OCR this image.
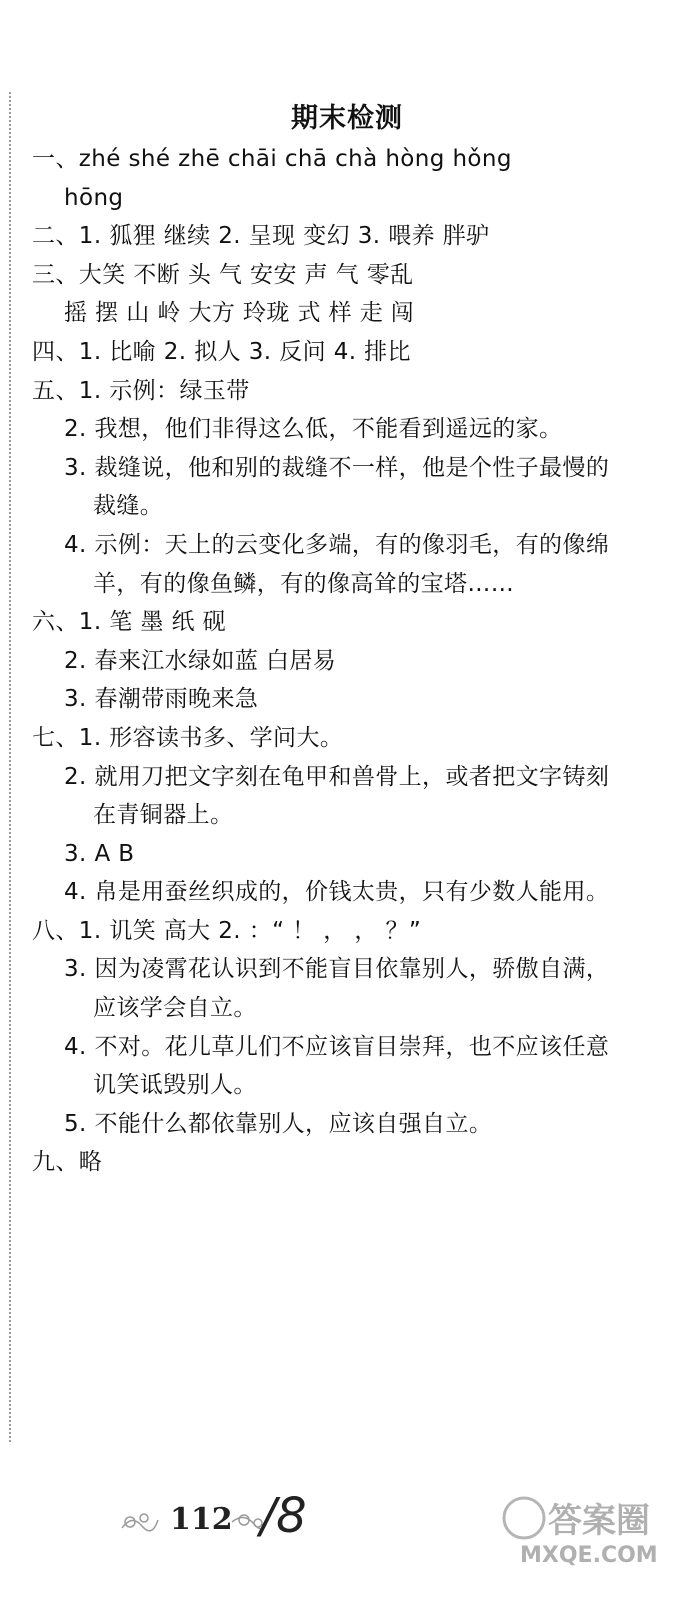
期末检测
一、zhé shé zhē chāi chā chà hòng hǒng
hōng
二、1. 狐狸 继续 2. 呈现 变幻 3. 喂养 胖驴
三、大笑 不断 头 气 安安 声 气 零乱
摇 摆 山 岭 大方 玲珑 式 样 走 闯
四、1. 比喻 2. 拟人 3. 反问 4. 排比
五、1. 示例：绿玉带
2. 我想，他们非得这么低，不能看到遥远的家。
3. 裁缝说，他和别的裁缝不一样，他是个性子最慢的
裁缝。
4. 示例：天上的云变化多端，有的像羽毛，有的像绵
羊，有的像鱼鳞，有的像高耸的宝塔……
六、1. 笔 墨 纸 砚
2. 春来江水绿如蓝 白居易
3. 春潮带雨晚来急
七、1. 形容读书多、学问大。
2. 就用刀把文字刻在龟甲和兽骨上，或者把文字铸刻
在青铜器上。
3. A B
4. 帛是用蚕丝织成的，价钱太贵，只有少数人能用。
八、1. 讥笑 高大 2. ：“ ！ ， ， ？”
3. 因为凌霄花认识到不能盲目依靠别人，骄傲自满，
应该学会自立。
4. 不对。花儿草儿们不应该盲目崇拜，也不应该任意
讥笑诋毁别人。
5. 不能什么都依靠别人，应该自强自立。
九、略
112 /8	答案圈
MXQE.COM
